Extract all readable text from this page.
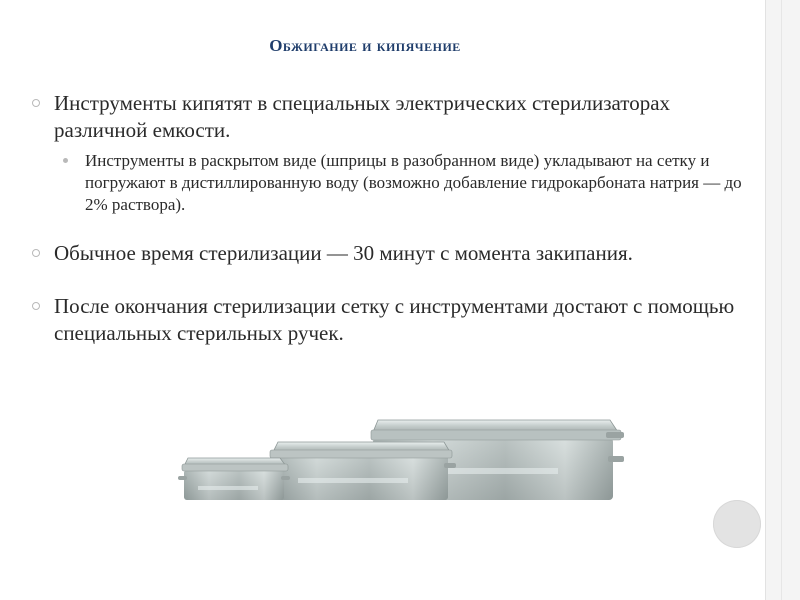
Обжигание и кипячение
Инструменты кипятят в специальных электрических стерилизаторах различной емкости.
Инструменты в раскрытом виде (шприцы в разобранном виде) укладывают на сетку и погружают в дистиллированную воду (возможно добавление гидрокарбоната натрия — до 2% раствора).
Обычное время стерилизации — 30 минут с момента закипания.
После окончания стерилизации сетку с инструментами достают с помощью специальных стерильных ручек.
